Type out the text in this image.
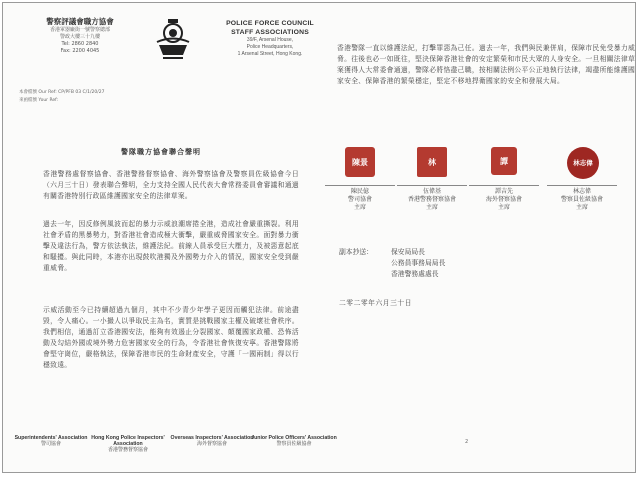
警察評議會職方協會
香港軍器廠街一號警察總部
警政大樓三十九樓
Tel: 2860 2840
Fax: 2200 4045
POLICE FORCE COUNCIL
STAFF ASSOCIATIONS
39/F, Arsenal House,
Police Headquarters,
1 Arsenal Street, Hong Kong.
本會檔號 Our Ref: CP/PFB 03 C/1/20/27
來函檔號 Your Ref:
警隊職方協會聯合聲明
香港警務處督察協會、香港警務督察協會、海外警察協會及警察員佐級協會今日（六月三十日）發表聯合聲明，全力支持全國人民代表大會常務委員會審議和通過有關香港特別行政區維護國家安全的法律草案。
過去一年，因反修例風波而起的暴力示威浪潮席捲全港，造成社會嚴重撕裂。利用社會矛盾的黑暴勢力，對香港社會造成極大衝擊，嚴重威脅國家安全。面對暴力衝擊及違法行為，警方依法執法，維護法紀。前線人員承受巨大壓力，及被惡意起底和騷擾。與此同時，本港亦出現鼓吹港獨及外國勢力介入的情況，國家安全受到嚴重威脅。
示威活動至今已持續超過九個月，其中不少青少年學子更因而觸犯法律。前途盡毀，令人痛心。一小撮人以爭取民主為名，實質是挑戰國家主權及破壞社會秩序。我們相信，通過訂立香港國安法，能夠有效遏止分裂國家、顛覆國家政權、恐怖活動及勾結外國或境外勢力危害國家安全的行為，令香港社會恢復安寧。香港警隊將會堅守崗位，嚴格執法，保障香港市民的生命財產安全，守護「一國兩制」得以行穩致遠。
Superintendents' Association
警司協會
Hong Kong Police Inspectors' Association
香港警務督察協會
Overseas Inspectors' Association
海外督察協會
Junior Police Officers' Association
警察員佐級協會
香港警隊一直以維護法紀，打擊罪惡為己任。過去一年，我們與民兼併肩，保障市民免受暴力威脅。往後也必一如既往，堅決保障香港社會的安定繁榮和市民大眾的人身安全。一旦相關法律草案獲得人大常委會通過，警隊必將恪盡己職，按相關法例公平公正地執行法律，竭盡所能維護國家安全、保障香港的繁榮穩定，堅定不移地捍衛國家的安全和發展大局。
陳景	林	譚	林志偉
陳民億
警司協會
主席
伍偉基
香港警務督察協會
主席
譚吉先
海外督察協會
主席
林志偉
警察員佐級協會
主席
副本抄送：	保安局局長
公務員事務局局長
香港警務處處長
二零二零年六月三十日
2
